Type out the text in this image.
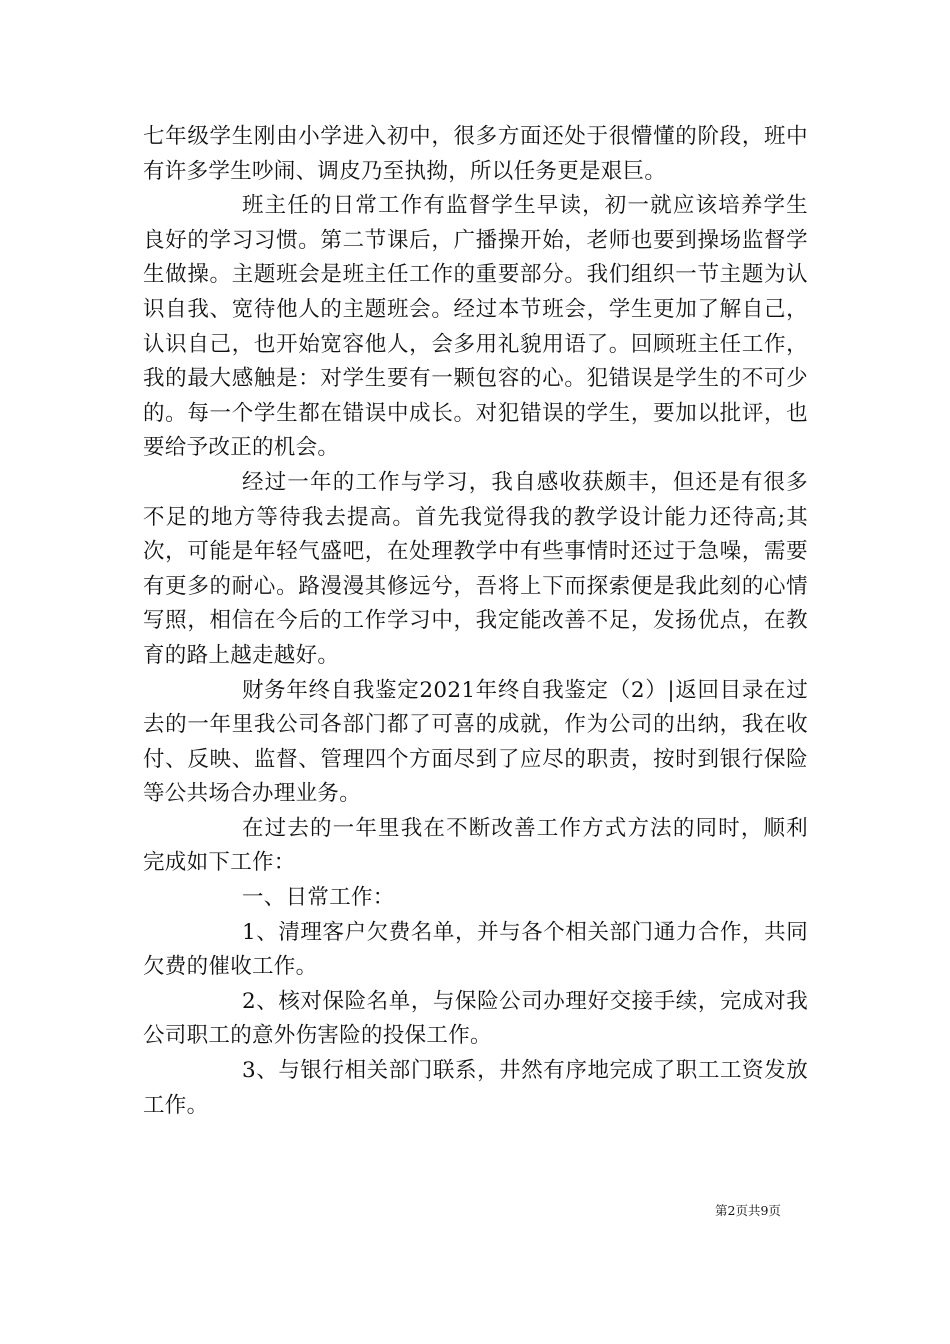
七年级学生刚由小学进入初中，很多方面还处于很懵懂的阶段，班中有许多学生吵闹、调皮乃至执拗，所以任务更是艰巨。

班主任的日常工作有监督学生早读，初一就应该培养学生良好的学习习惯。第二节课后，广播操开始，老师也要到操场监督学生做操。主题班会是班主任工作的重要部分。我们组织一节主题为认识自我、宽待他人的主题班会。经过本节班会，学生更加了解自己，认识自己，也开始宽容他人，会多用礼貌用语了。回顾班主任工作，我的最大感触是：对学生要有一颗包容的心。犯错误是学生的不可少的。每一个学生都在错误中成长。对犯错误的学生，要加以批评，也要给予改正的机会。

经过一年的工作与学习，我自感收获颇丰，但还是有很多不足的地方等待我去提高。首先我觉得我的教学设计能力还待高;其次，可能是年轻气盛吧，在处理教学中有些事情时还过于急噪，需要有更多的耐心。路漫漫其修远兮，吾将上下而探索便是我此刻的心情写照，相信在今后的工作学习中，我定能改善不足，发扬优点，在教育的路上越走越好。

财务年终自我鉴定2021年终自我鉴定（2）|返回目录在过去的一年里我公司各部门都了可喜的成就，作为公司的出纳，我在收付、反映、监督、管理四个方面尽到了应尽的职责，按时到银行保险等公共场合办理业务。

在过去的一年里我在不断改善工作方式方法的同时，顺利完成如下工作：

一、日常工作：

1、清理客户欠费名单，并与各个相关部门通力合作，共同欠费的催收工作。

2、核对保险名单，与保险公司办理好交接手续，完成对我公司职工的意外伤害险的投保工作。

3、与银行相关部门联系，井然有序地完成了职工工资发放工作。

第2页共9页
